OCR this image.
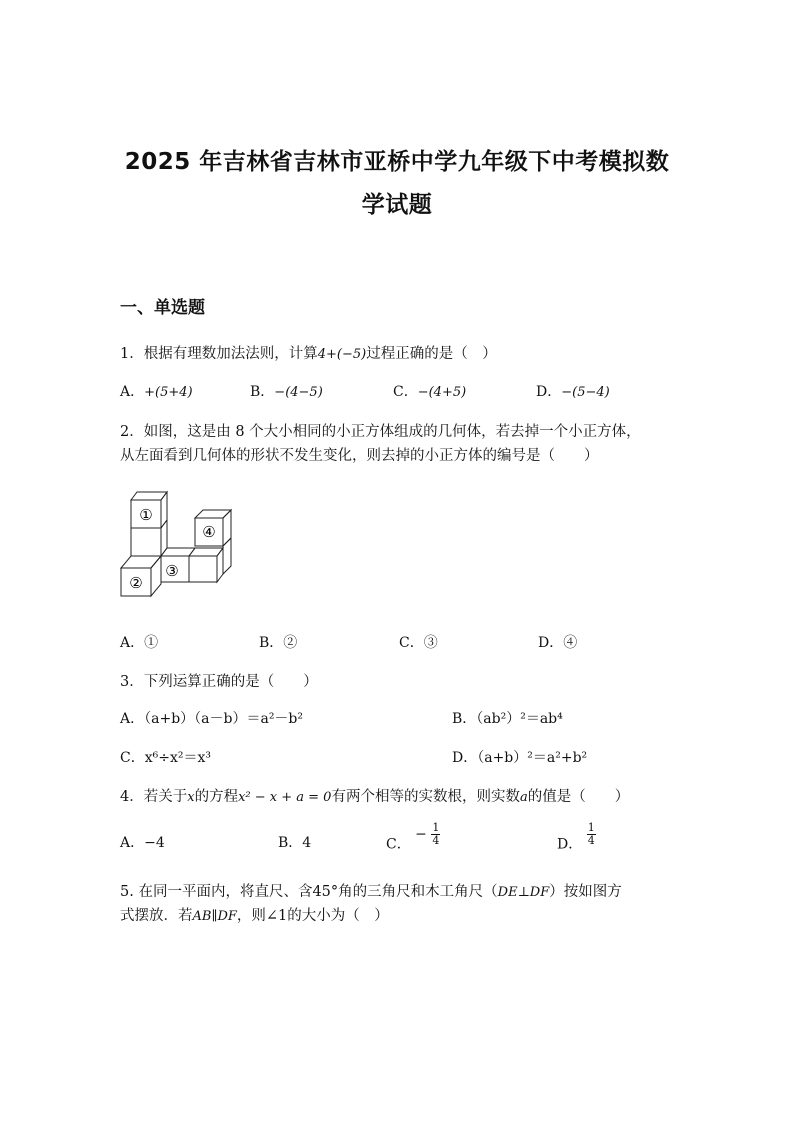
2025 年吉林省吉林市亚桥中学九年级下中考模拟数
学试题
一、单选题
1．根据有理数加法法则，计算4+(−5)过程正确的是（　）
A．+(5+4)	B．−(4−5)	C．−(4+5)	D．−(5−4)
2．如图，这是由 8 个大小相同的小正方体组成的几何体，若去掉一个小正方体，
从左面看到几何体的形状不发生变化，则去掉的小正方体的编号是（　　）
①
②
③
④
A．①	B．②	C．③	D．④
3．下列运算正确的是（　　）
A．（a+b）（a－b）＝a²－b²	B．（ab²）²＝ab⁴
C．x⁶÷x²＝x³	D．（a+b）²＝a²+b²
4．若关于x的方程x² − x + a = 0有两个相等的实数根，则实数a的值是（　　）
A．−4	B．4	C． − $\frac{1}{4}$	D． $\frac{1}{4}$
5. 在同一平面内，将直尺、含45°角的三角尺和木工角尺（DE⊥DF）按如图方
式摆放．若AB∥DF，则∠1的大小为（　）
